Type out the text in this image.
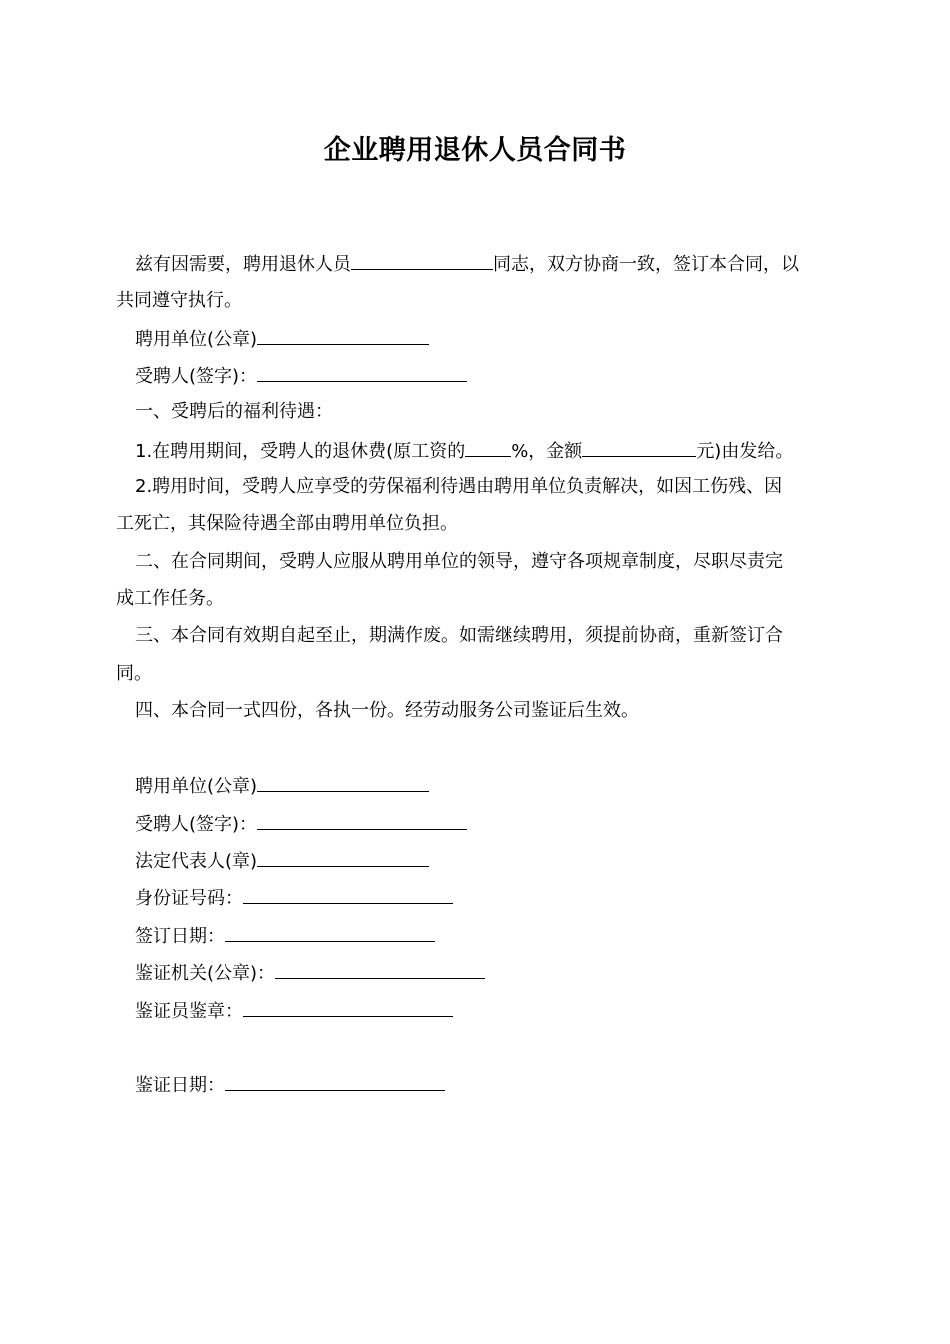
企业聘用退休人员合同书
兹有因需要，聘用退休人员	同志，双方协商一致，签订本合同，以
共同遵守执行。
聘用单位(公章)
受聘人(签字)：
一、受聘后的福利待遇：
1.在聘用期间，受聘人的退休费(原工资的	%，金额	元)由发给。
2.聘用时间，受聘人应享受的劳保福利待遇由聘用单位负责解决，如因工伤残、因
工死亡，其保险待遇全部由聘用单位负担。
二、在合同期间，受聘人应服从聘用单位的领导，遵守各项规章制度，尽职尽责完
成工作任务。
三、本合同有效期自起至止，期满作废。如需继续聘用，须提前协商，重新签订合
同。
四、本合同一式四份，各执一份。经劳动服务公司鉴证后生效。
聘用单位(公章)
受聘人(签字)：
法定代表人(章)
身份证号码：
签订日期：
鉴证机关(公章)：
鉴证员鉴章：
鉴证日期：
